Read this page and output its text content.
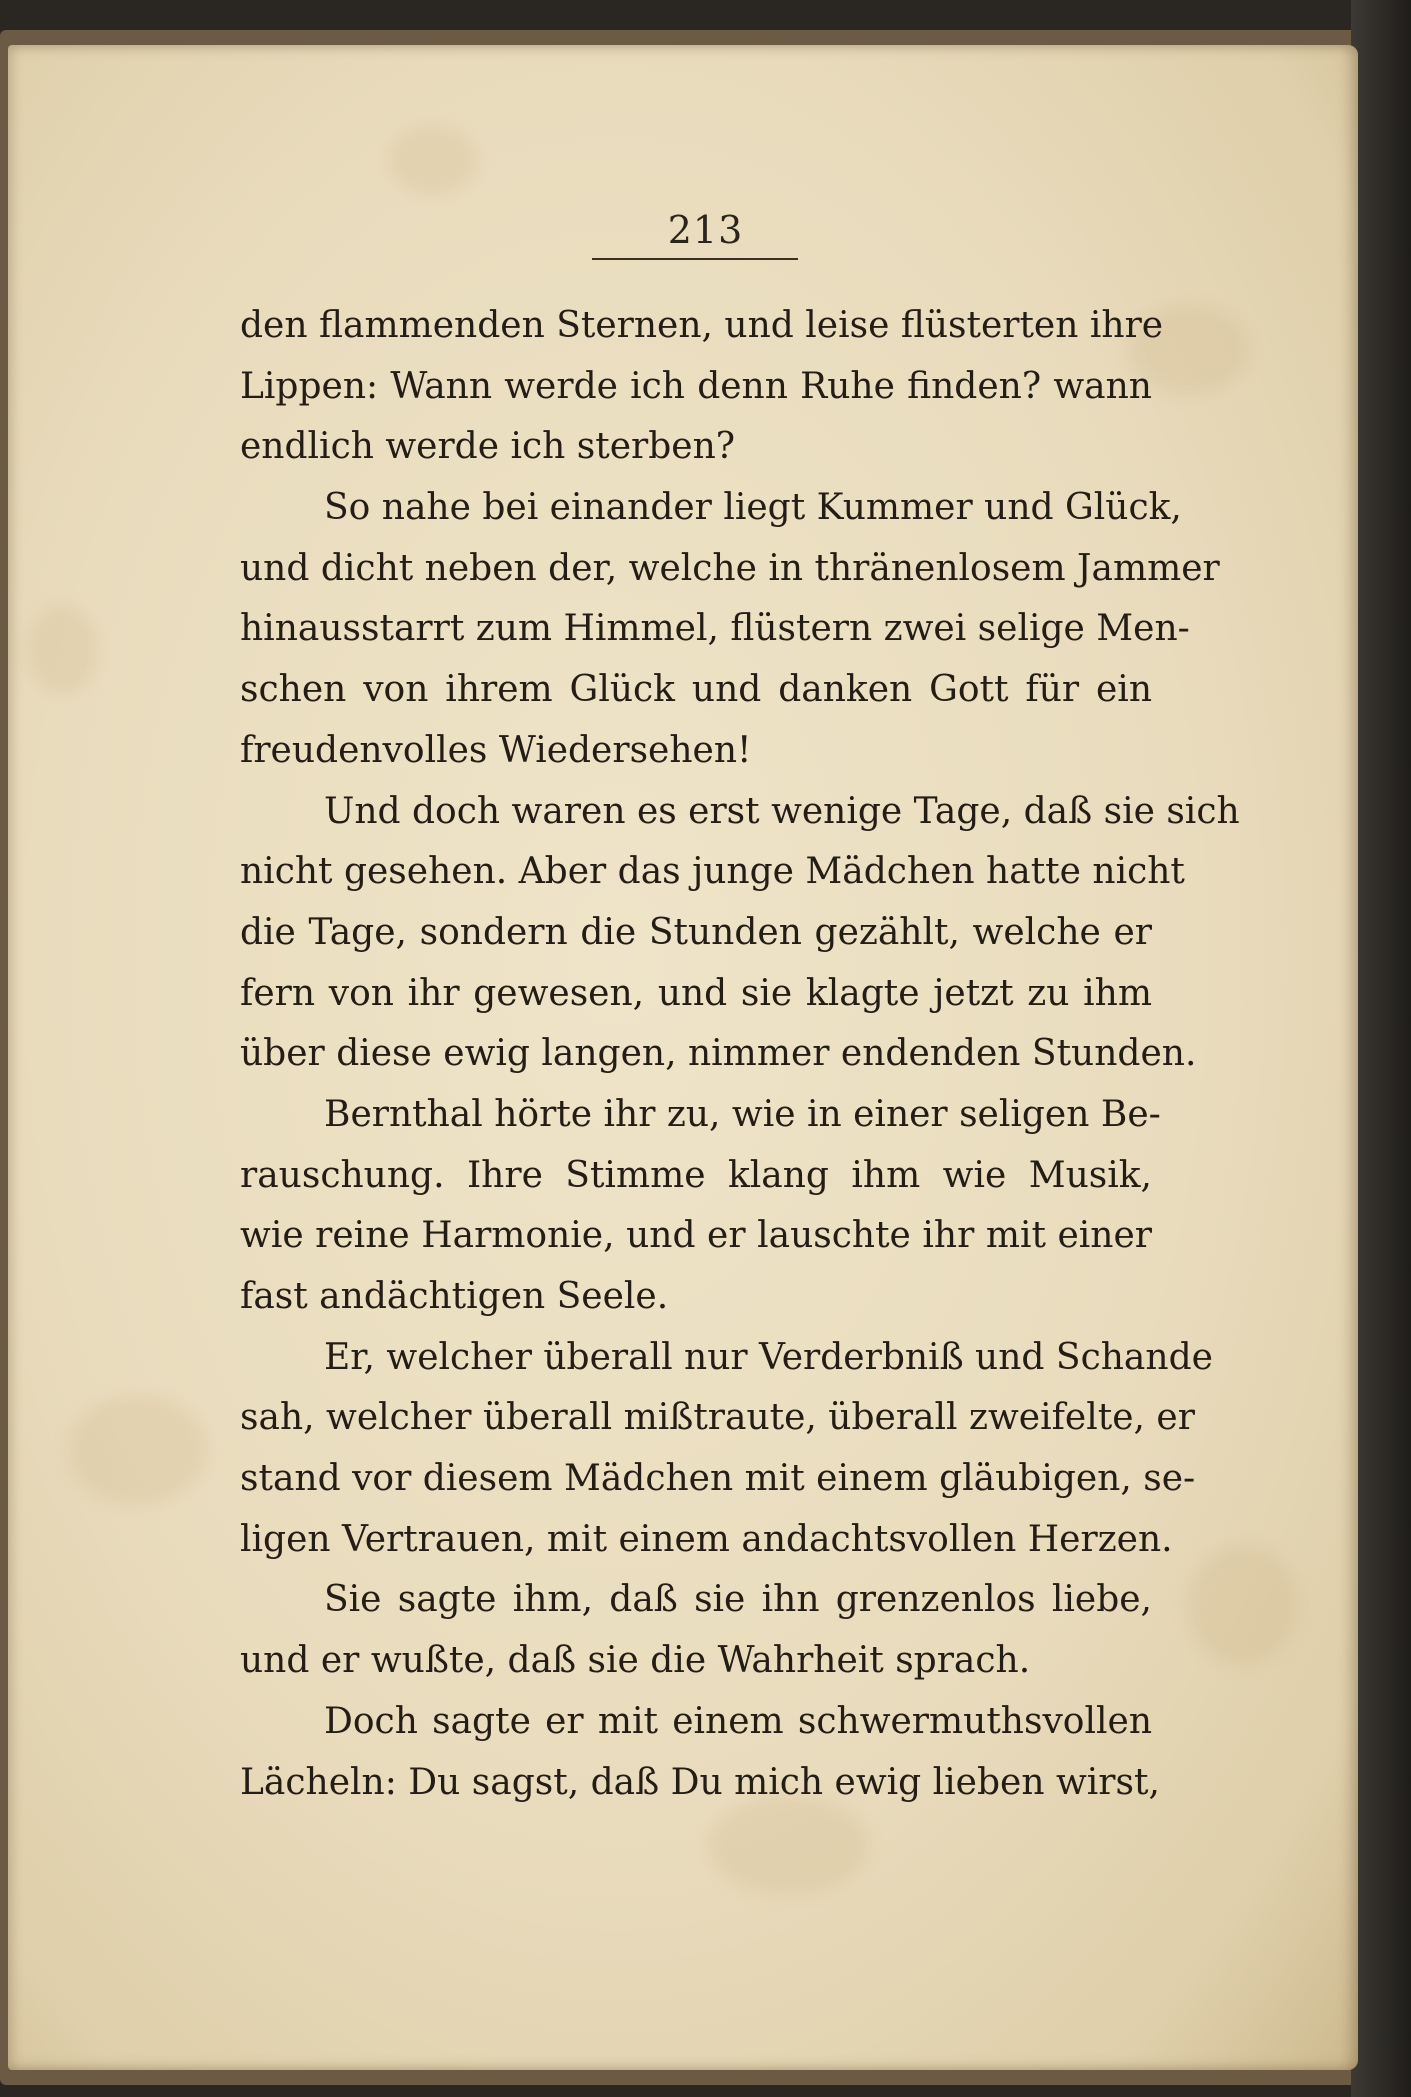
213
den flammenden Sternen, und leise flüsterten ihre
Lippen: Wann werde ich denn Ruhe finden? wann
endlich werde ich sterben?
So nahe bei einander liegt Kummer und Glück,
und dicht neben der, welche in thränenlosem Jammer
hinausstarrt zum Himmel, flüstern zwei selige Men-
schen von ihrem Glück und danken Gott für ein
freudenvolles Wiedersehen!
Und doch waren es erst wenige Tage, daß sie sich
nicht gesehen. Aber das junge Mädchen hatte nicht
die Tage, sondern die Stunden gezählt, welche er
fern von ihr gewesen, und sie klagte jetzt zu ihm
über diese ewig langen, nimmer endenden Stunden.
Bernthal hörte ihr zu, wie in einer seligen Be-
rauschung. Ihre Stimme klang ihm wie Musik,
wie reine Harmonie, und er lauschte ihr mit einer
fast andächtigen Seele.
Er, welcher überall nur Verderbniß und Schande
sah, welcher überall mißtraute, überall zweifelte, er
stand vor diesem Mädchen mit einem gläubigen, se-
ligen Vertrauen, mit einem andachtsvollen Herzen.
Sie sagte ihm, daß sie ihn grenzenlos liebe,
und er wußte, daß sie die Wahrheit sprach.
Doch sagte er mit einem schwermuthsvollen
Lächeln: Du sagst, daß Du mich ewig lieben wirst,
